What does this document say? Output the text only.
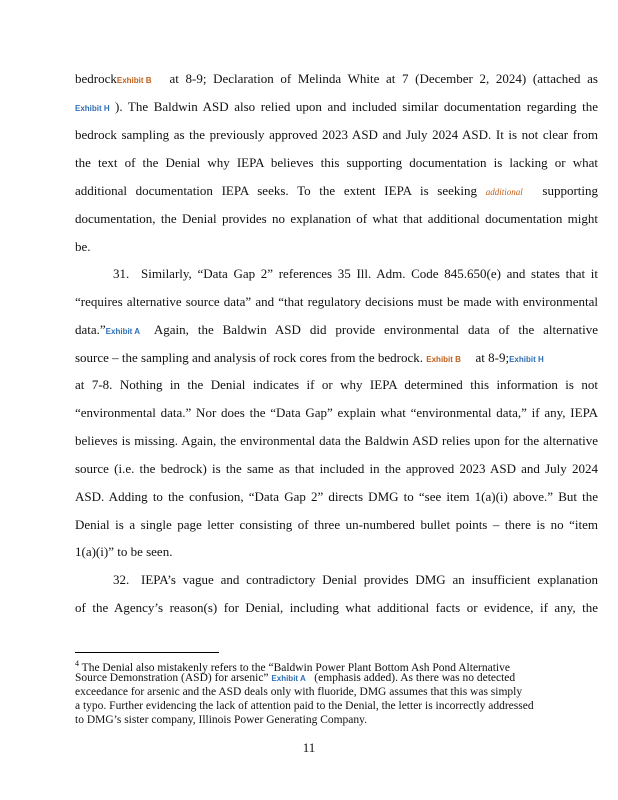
bedrockExhibit B at 8-9; Declaration of Melinda White at 7 (December 2, 2024) (attached as
Exhibit H ). The Baldwin ASD also relied upon and included similar documentation regarding the
bedrock sampling as the previously approved 2023 ASD and July 2024 ASD. It is not clear from
the text of the Denial why IEPA believes this supporting documentation is lacking or what
additional documentation IEPA seeks. To the extent IEPA is seeking additional supporting
documentation, the Denial provides no explanation of what that additional documentation might
be.
31. Similarly, “Data Gap 2” references 35 Ill. Adm. Code 845.650(e) and states that it
“requires alternative source data” and “that regulatory decisions must be made with environmental
data.”Exhibit A Again, the Baldwin ASD did provide environmental data of the alternative
source – the sampling and analysis of rock cores from the bedrock. Exhibit B at 8-9;Exhibit H
at 7-8. Nothing in the Denial indicates if or why IEPA determined this information is not
“environmental data.” Nor does the “Data Gap” explain what “environmental data,” if any, IEPA
believes is missing. Again, the environmental data the Baldwin ASD relies upon for the alternative
source (i.e. the bedrock) is the same as that included in the approved 2023 ASD and July 2024
ASD. Adding to the confusion, “Data Gap 2” directs DMG to “see item 1(a)(i) above.” But the
Denial is a single page letter consisting of three un-numbered bullet points – there is no “item
1(a)(i)” to be seen.
32. IEPA’s vague and contradictory Denial provides DMG an insufficient explanation
of the Agency’s reason(s) for Denial, including what additional facts or evidence, if any, the
$^4$ The Denial also mistakenly refers to the “Baldwin Power Plant Bottom Ash Pond Alternative
Source Demonstration (ASD) for arsenic” Exhibit A (emphasis added). As there was no detected
exceedance for arsenic and the ASD deals only with fluoride, DMG assumes that this was simply
a typo. Further evidencing the lack of attention paid to the Denial, the letter is incorrectly addressed
to DMG’s sister company, Illinois Power Generating Company.
11
